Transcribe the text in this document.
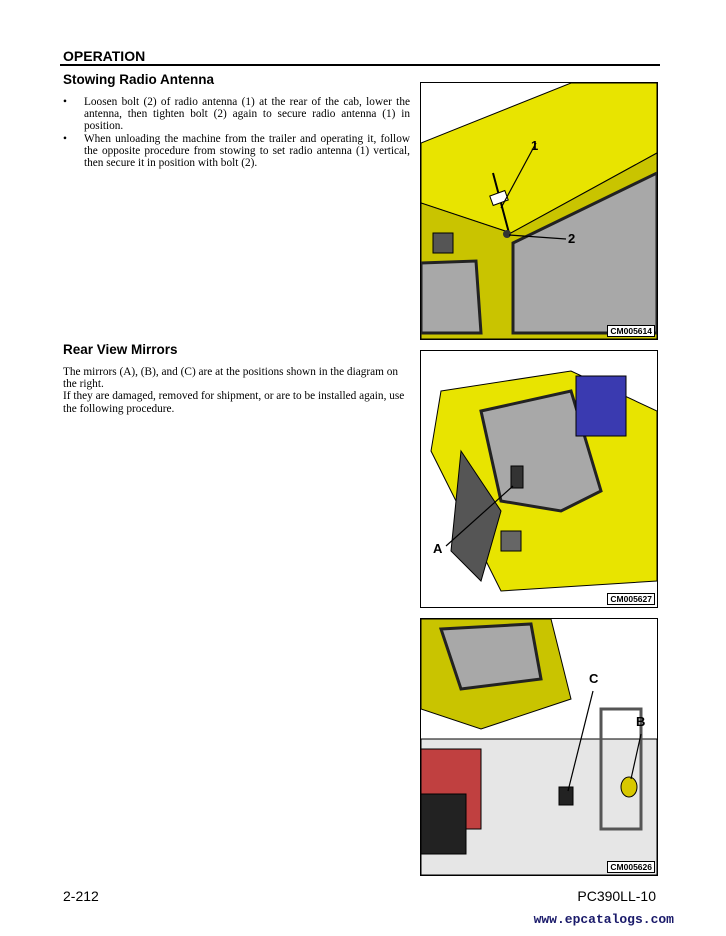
OPERATION
Stowing Radio Antenna
• Loosen bolt (2) of radio antenna (1) at the rear of the cab, lower the antenna, then tighten bolt (2) again to secure radio antenna (1) in position.
• When unloading the machine from the trailer and operating it, follow the opposite procedure from stowing to set radio antenna (1) vertical, then secure it in position with bolt (2).
1
2
CM005614
Rear View Mirrors

The mirrors (A), (B), and (C) are at the positions shown in the diagram on the right.

If they are damaged, removed for shipment, or are to be installed again, use the following procedure.

A
CM005627
C
B
CM005626
2-212	PC390LL-10
www.epcatalogs.com
